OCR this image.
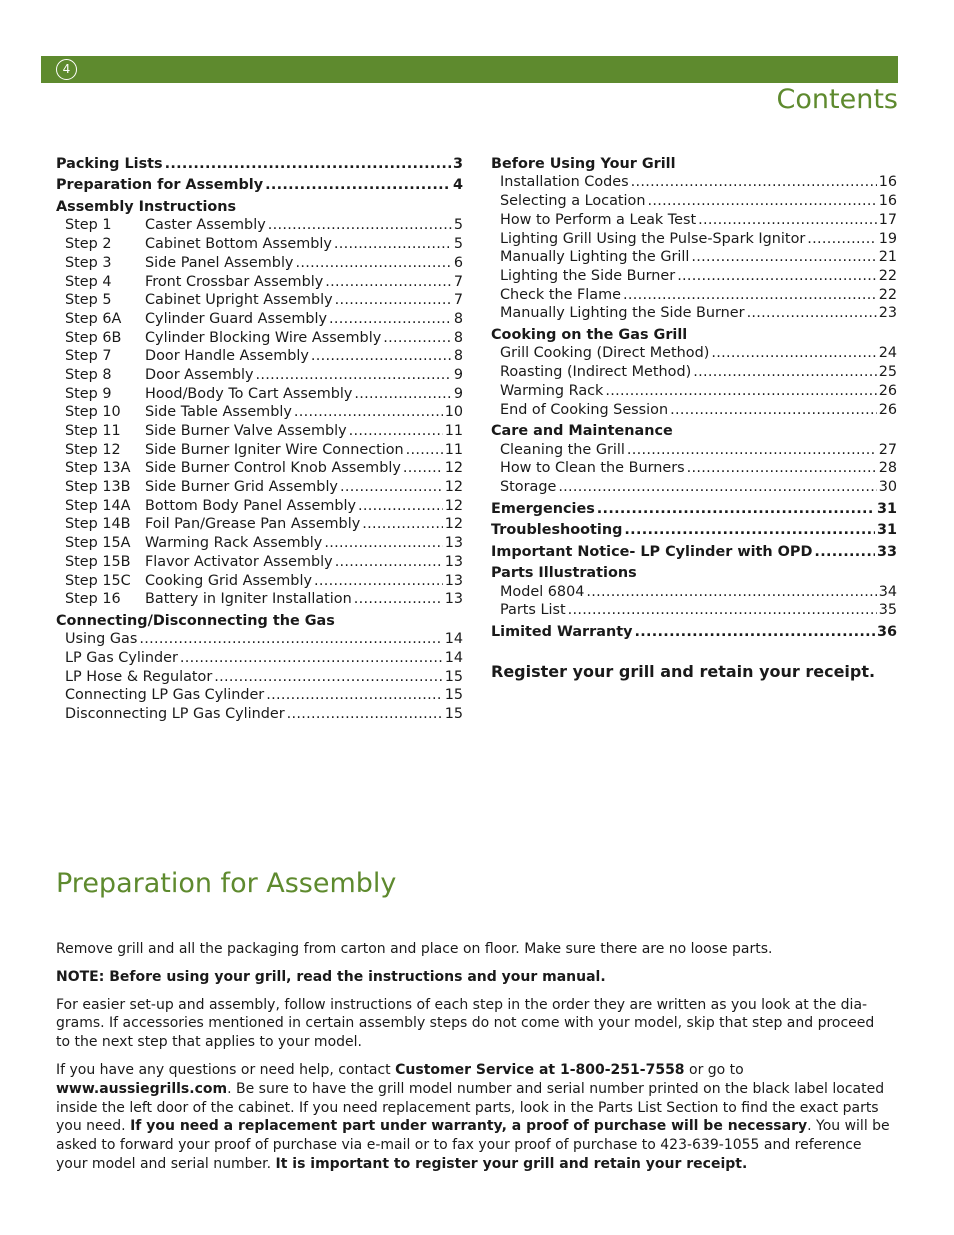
4
Contents
Packing Lists .....	3
Preparation for Assembly .....	4
Assembly Instructions
Step 1	Caster Assembly .....	5
Step 2	Cabinet Bottom Assembly .....	5
Step 3	Side Panel Assembly .....	6
Step 4	Front Crossbar Assembly .....	7
Step 5	Cabinet Upright Assembly .....	7
Step 6A	Cylinder Guard Assembly .....	8
Step 6B	Cylinder Blocking Wire Assembly .....	8
Step 7	Door Handle Assembly .....	8
Step 8	Door Assembly .....	9
Step 9	Hood/Body To Cart Assembly .....	9
Step 10	Side Table Assembly .....	10
Step 11	Side Burner Valve Assembly .....	11
Step 12	Side Burner Igniter Wire Connection .....	11
Step 13A	Side Burner Control Knob Assembly .....	12
Step 13B	Side Burner Grid Assembly .....	12
Step 14A	Bottom Body Panel Assembly .....	12
Step 14B	Foil Pan/Grease Pan Assembly .....	12
Step 15A	Warming Rack Assembly .....	13
Step 15B	Flavor Activator Assembly .....	13
Step 15C Cooking Grid Assembly .....	13
Step 16	Battery in Igniter Installation .....	13
Connecting/Disconnecting the Gas
Using Gas .....	14
LP Gas Cylinder .....	14
LP Hose & Regulator .....	15
Connecting LP Gas Cylinder .....	15
Disconnecting LP Gas Cylinder .....	15
Before Using Your Grill
Installation Codes .....	16
Selecting a Location .....	16
How to Perform a Leak Test .....	17
Lighting Grill Using the Pulse-Spark Ignitor .....	19
Manually Lighting the Grill .....	21
Lighting the Side Burner .....	22
Check the Flame .....	22
Manually Lighting the Side Burner .....	23
Cooking on the Gas Grill
Grill Cooking (Direct Method) .....	24
Roasting (Indirect Method) .....	25
Warming Rack .....	26
End of Cooking Session .....	26
Care and Maintenance
Cleaning the Grill .....	27
How to Clean the Burners .....	28
Storage .....	30
Emergencies .....	31
Troubleshooting .....	31
Important Notice- LP Cylinder with OPD .....	33
Parts Illustrations
Model 6804 .....	34
Parts List .....	35
Limited Warranty .....	36

Register your grill and retain your receipt.

Preparation for Assembly

Remove grill and all the packaging from carton and place on floor. Make sure there are no loose parts.

NOTE: Before using your grill, read the instructions and your manual.

For easier set-up and assembly, follow instructions of each step in the order they are written as you look at the dia-grams. If accessories mentioned in certain assembly steps do not come with your model, skip that step and proceed to the next step that applies to your model.

If you have any questions or need help, contact Customer Service at 1-800-251-7558 or go to www.aussiegrills.com. Be sure to have the grill model number and serial number printed on the black label located inside the left door of the cabinet. If you need replacement parts, look in the Parts List Section to find the exact parts you need. If you need a replacement part under warranty, a proof of purchase will be necessary. You will be asked to forward your proof of purchase via e-mail or to fax your proof of purchase to 423-639-1055 and reference your model and serial number. It is important to register your grill and retain your receipt.
